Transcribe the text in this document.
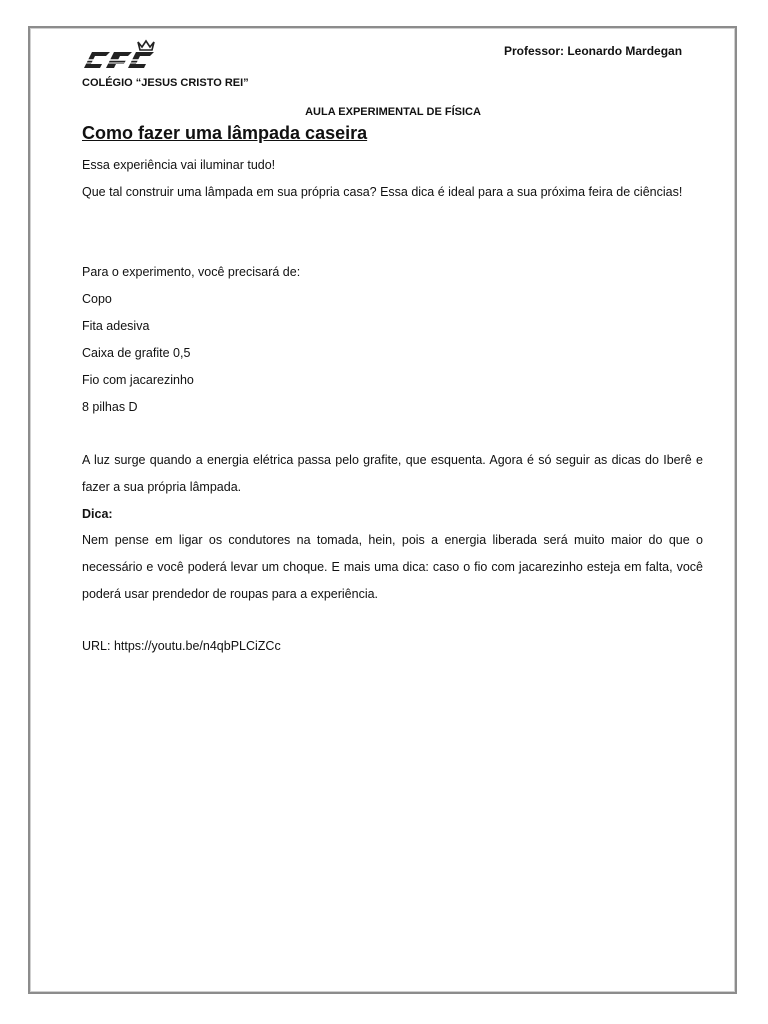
Professor: Leonardo Mardegan
COLÉGIO “JESUS CRISTO REI”
AULA EXPERIMENTAL DE FÍSICA
Como fazer uma lâmpada caseira
Essa experiência vai iluminar tudo!
Que tal construir uma lâmpada em sua própria casa? Essa dica é ideal para a sua próxima feira de ciências!
Para o experimento, você precisará de:
Copo
Fita adesiva
Caixa de grafite 0,5
Fio com jacarezinho
8 pilhas D
A luz surge quando a energia elétrica passa pelo grafite, que esquenta. Agora é só seguir as dicas do Iberê e fazer a sua própria lâmpada.
Dica:
Nem pense em ligar os condutores na tomada, hein, pois a energia liberada será muito maior do que o necessário e você poderá levar um choque. E mais uma dica: caso o fio com jacarezinho esteja em falta, você poderá usar prendedor de roupas para a experiência.
URL: https://youtu.be/n4qbPLCiZCc
